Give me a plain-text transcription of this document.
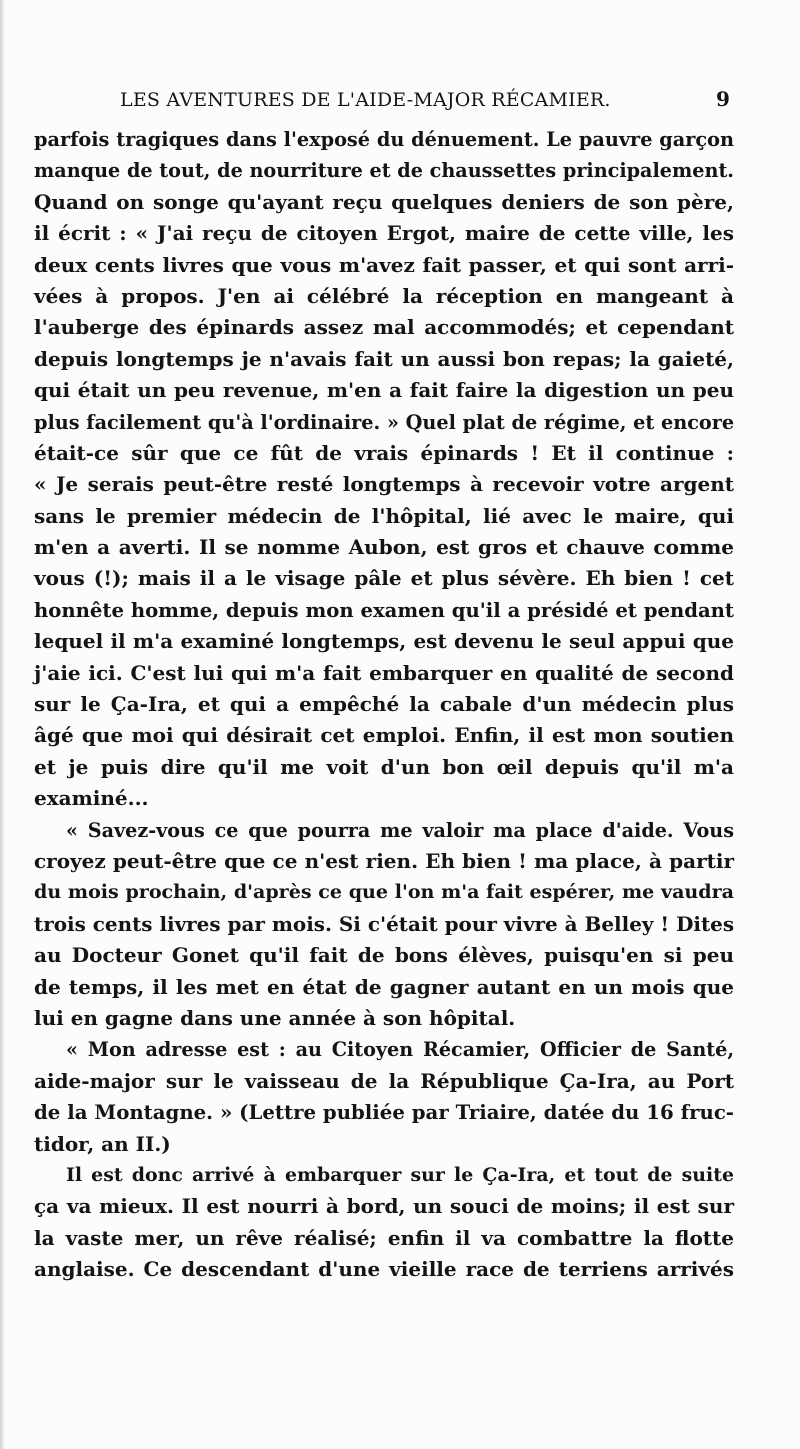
LES AVENTURES DE L'AIDE-MAJOR RÉCAMIER.	9
parfois tragiques dans l'exposé du dénuement. Le pauvre garçon
manque de tout, de nourriture et de chaussettes principalement.
Quand on songe qu'ayant reçu quelques deniers de son père,
il écrit : « J'ai reçu de citoyen Ergot, maire de cette ville, les
deux cents livres que vous m'avez fait passer, et qui sont arri-
vées à propos. J'en ai célébré la réception en mangeant à
l'auberge des épinards assez mal accommodés; et cependant
depuis longtemps je n'avais fait un aussi bon repas; la gaieté,
qui était un peu revenue, m'en a fait faire la digestion un peu
plus facilement qu'à l'ordinaire. » Quel plat de régime, et encore
était-ce sûr que ce fût de vrais épinards ! Et il continue :
« Je serais peut-être resté longtemps à recevoir votre argent
sans le premier médecin de l'hôpital, lié avec le maire, qui
m'en a averti. Il se nomme Aubon, est gros et chauve comme
vous (!); mais il a le visage pâle et plus sévère. Eh bien ! cet
honnête homme, depuis mon examen qu'il a présidé et pendant
lequel il m'a examiné longtemps, est devenu le seul appui que
j'aie ici. C'est lui qui m'a fait embarquer en qualité de second
sur le Ça-Ira, et qui a empêché la cabale d'un médecin plus
âgé que moi qui désirait cet emploi. Enfin, il est mon soutien
et je puis dire qu'il me voit d'un bon œil depuis qu'il m'a
examiné...
« Savez-vous ce que pourra me valoir ma place d'aide. Vous
croyez peut-être que ce n'est rien. Eh bien ! ma place, à partir
du mois prochain, d'après ce que l'on m'a fait espérer, me vaudra
trois cents livres par mois. Si c'était pour vivre à Belley ! Dites
au Docteur Gonet qu'il fait de bons élèves, puisqu'en si peu
de temps, il les met en état de gagner autant en un mois que
lui en gagne dans une année à son hôpital.
« Mon adresse est : au Citoyen Récamier, Officier de Santé,
aide-major sur le vaisseau de la République Ça-Ira, au Port
de la Montagne. » (Lettre publiée par Triaire, datée du 16 fruc-
tidor, an II.)
Il est donc arrivé à embarquer sur le Ça-Ira, et tout de suite
ça va mieux. Il est nourri à bord, un souci de moins; il est sur
la vaste mer, un rêve réalisé; enfin il va combattre la flotte
anglaise. Ce descendant d'une vieille race de terriens arrivés
